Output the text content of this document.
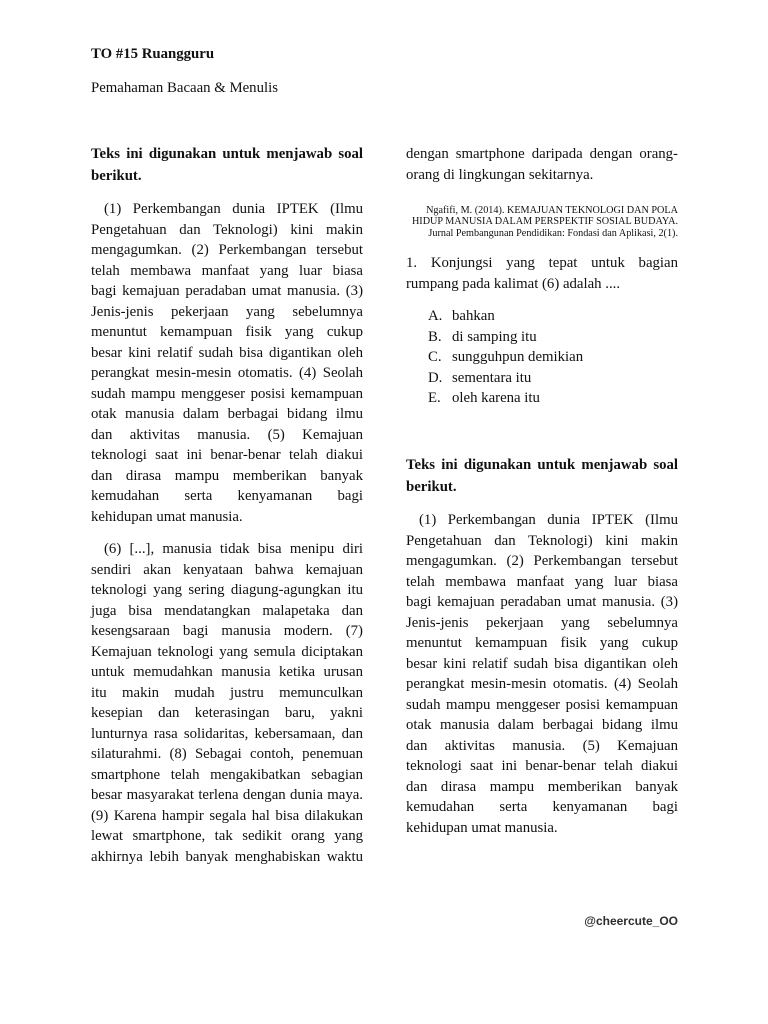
TO #15 Ruangguru
Pemahaman Bacaan & Menulis
Teks ini digunakan untuk menjawab soal
berikut.
(1) Perkembangan dunia IPTEK (Ilmu
Pengetahuan dan Teknologi) kini makin
mengagumkan. (2) Perkembangan tersebut
telah membawa manfaat yang luar biasa
bagi kemajuan peradaban umat manusia. (3)
Jenis-jenis pekerjaan yang sebelumnya
menuntut kemampuan fisik yang cukup
besar kini relatif sudah bisa digantikan oleh
perangkat mesin-mesin otomatis. (4) Seolah
sudah mampu menggeser posisi kemampuan
otak manusia dalam berbagai bidang ilmu
dan aktivitas manusia. (5) Kemajuan
teknologi saat ini benar-benar telah diakui
dan dirasa mampu memberikan banyak
kemudahan serta kenyamanan bagi
kehidupan umat manusia.
(6) [...], manusia tidak bisa menipu diri
sendiri akan kenyataan bahwa kemajuan
teknologi yang sering diagung-agungkan itu
juga bisa mendatangkan malapetaka dan
kesengsaraan bagi manusia modern. (7)
Kemajuan teknologi yang semula diciptakan
untuk memudahkan manusia ketika urusan
itu makin mudah justru memunculkan
kesepian dan keterasingan baru, yakni
lunturnya rasa solidaritas, kebersamaan, dan
silaturahmi. (8) Sebagai contoh, penemuan
smartphone telah mengakibatkan sebagian
besar masyarakat terlena dengan dunia maya.
(9) Karena hampir segala hal bisa dilakukan
lewat smartphone, tak sedikit orang yang
akhirnya lebih banyak menghabiskan waktu
dengan smartphone daripada dengan orang-
orang di lingkungan sekitarnya.
Ngafifi, M. (2014). KEMAJUAN TEKNOLOGI DAN POLA
HIDUP MANUSIA DALAM PERSPEKTIF SOSIAL BUDAYA.
Jurnal Pembangunan Pendidikan: Fondasi dan Aplikasi, 2(1).
1. Konjungsi yang tepat untuk bagian
rumpang pada kalimat (6) adalah ....
A. bahkan
B. di samping itu
C. sungguhpun demikian
D. sementara itu
E. oleh karena itu
Teks ini digunakan untuk menjawab soal
berikut.
(1) Perkembangan dunia IPTEK (Ilmu
Pengetahuan dan Teknologi) kini makin
mengagumkan. (2) Perkembangan tersebut
telah membawa manfaat yang luar biasa
bagi kemajuan peradaban umat manusia. (3)
Jenis-jenis pekerjaan yang sebelumnya
menuntut kemampuan fisik yang cukup
besar kini relatif sudah bisa digantikan oleh
perangkat mesin-mesin otomatis. (4) Seolah
sudah mampu menggeser posisi kemampuan
otak manusia dalam berbagai bidang ilmu
dan aktivitas manusia. (5) Kemajuan
teknologi saat ini benar-benar telah diakui
dan dirasa mampu memberikan banyak
kemudahan serta kenyamanan bagi
kehidupan umat manusia.
@cheercute_OO
